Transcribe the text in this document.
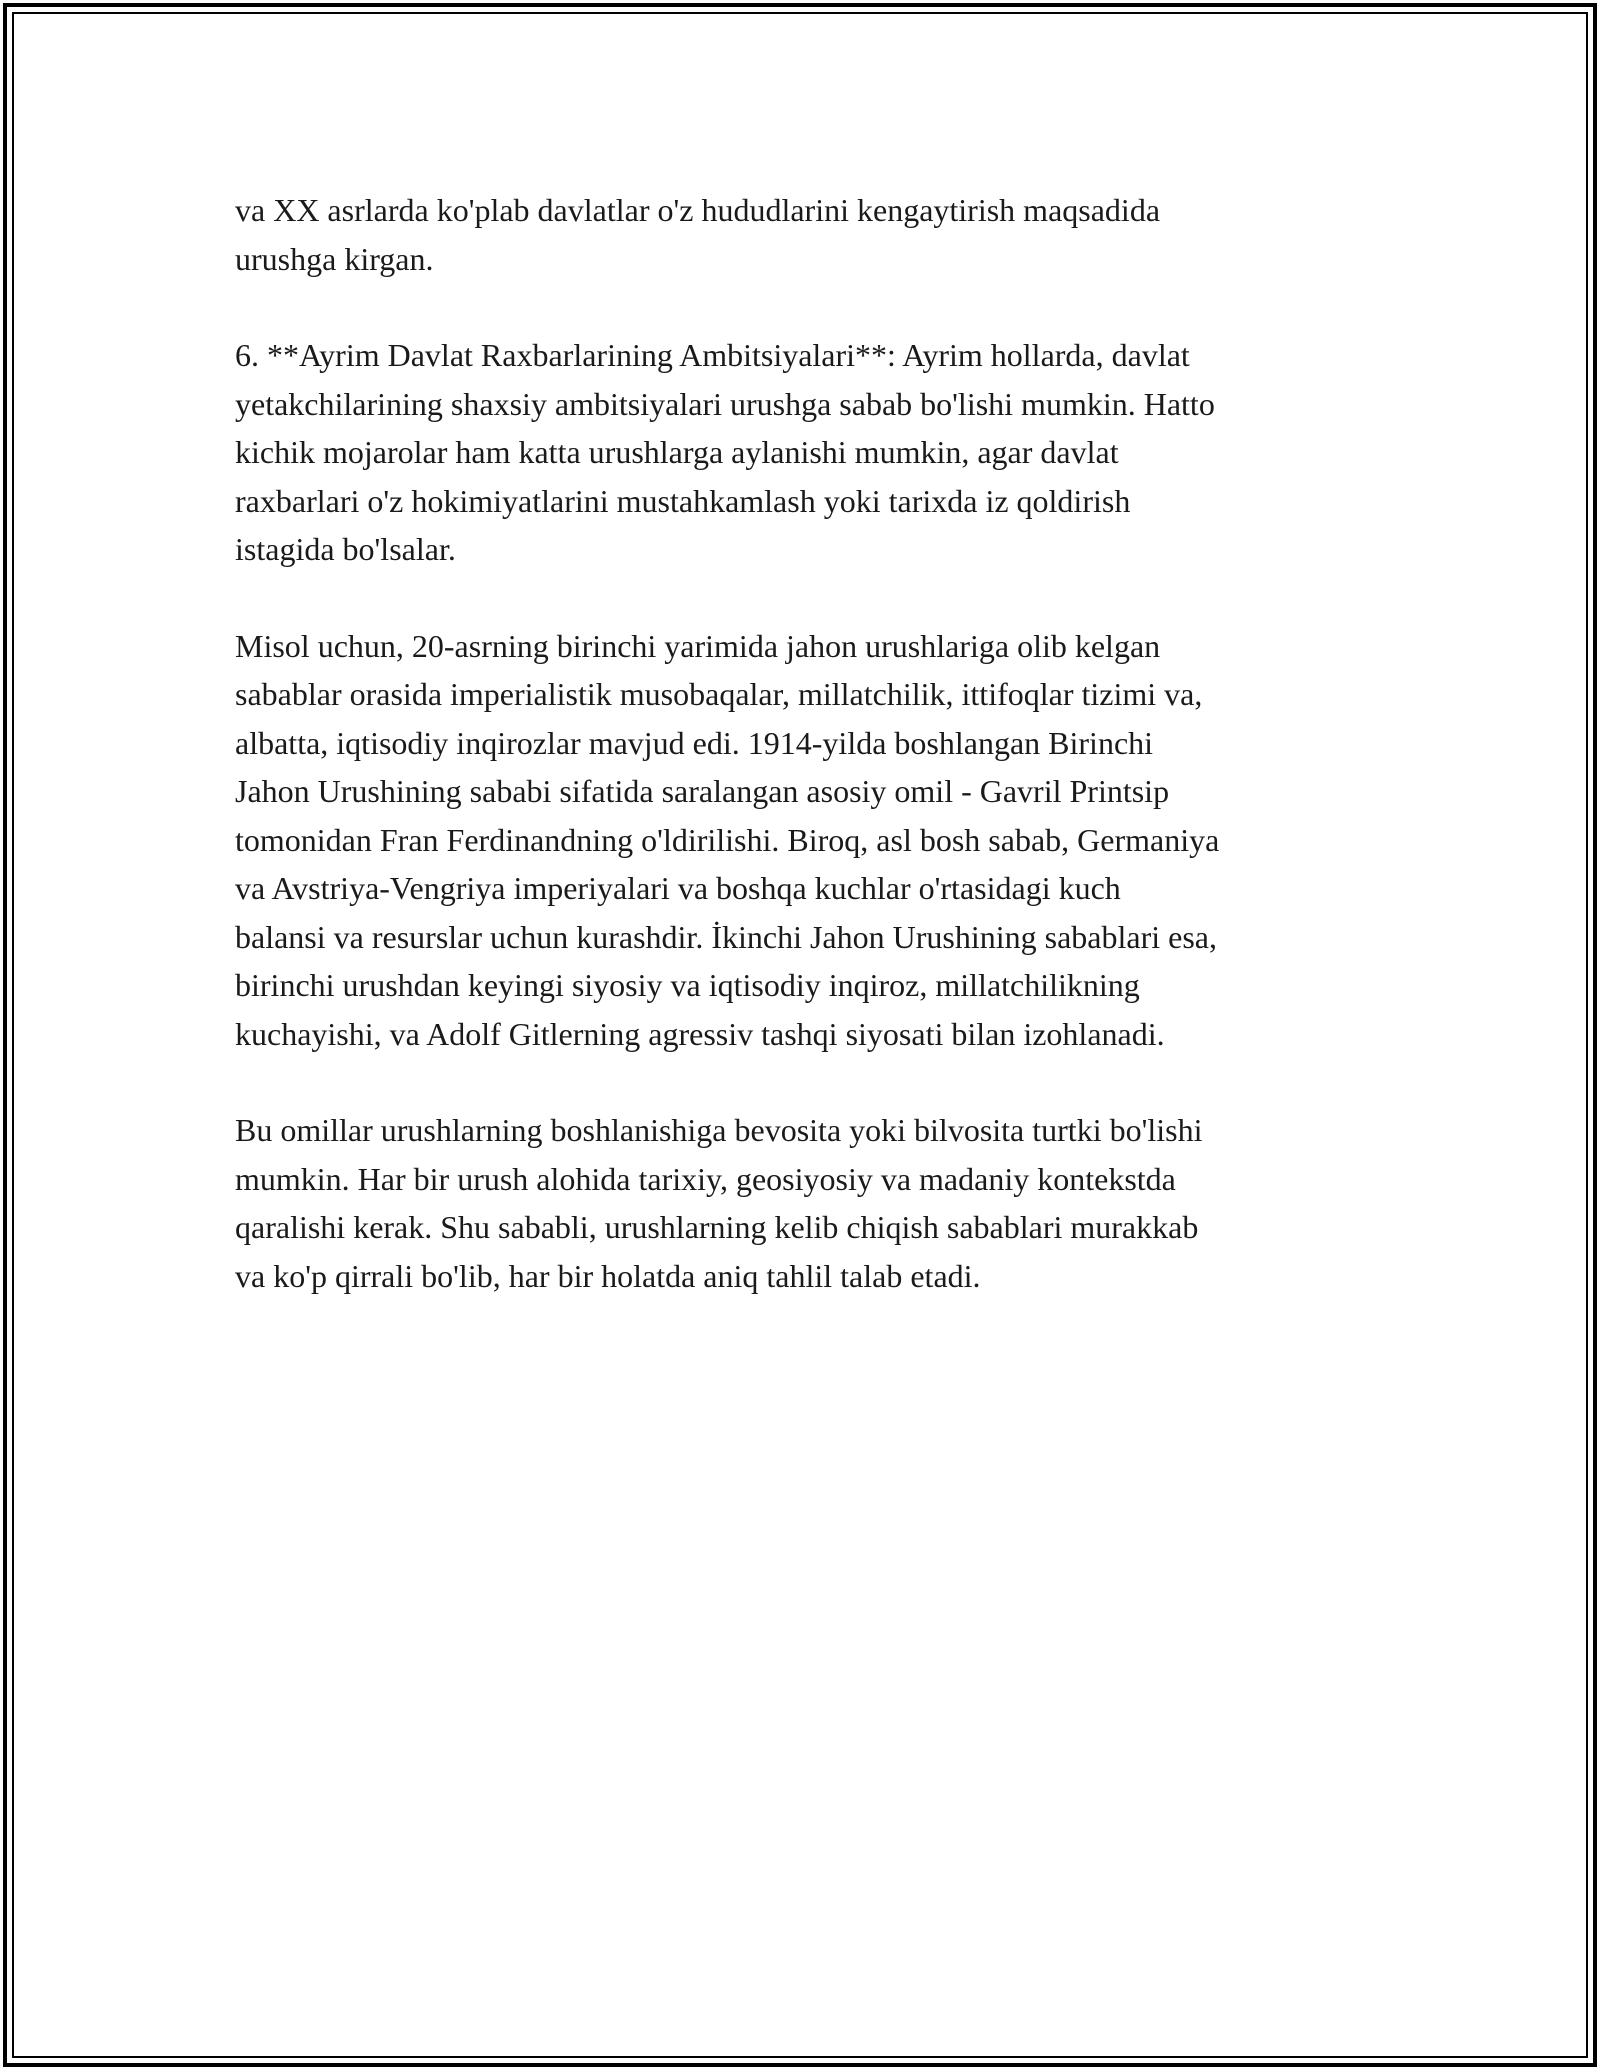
va XX asrlarda ko'plab davlatlar o'z hududlarini kengaytirish maqsadida
urushga kirgan.

6. **Ayrim Davlat Raxbarlarining Ambitsiyalari**: Ayrim hollarda, davlat
yetakchilarining shaxsiy ambitsiyalari urushga sabab bo'lishi mumkin. Hatto
kichik mojarolar ham katta urushlarga aylanishi mumkin, agar davlat
raxbarlari o'z hokimiyatlarini mustahkamlash yoki tarixda iz qoldirish
istagida bo'lsalar.

Misol uchun, 20-asrning birinchi yarimida jahon urushlariga olib kelgan
sabablar orasida imperialistik musobaqalar, millatchilik, ittifoqlar tizimi va,
albatta, iqtisodiy inqirozlar mavjud edi. 1914-yilda boshlangan Birinchi
Jahon Urushining sababi sifatida saralangan asosiy omil - Gavril Printsip
tomonidan Fran Ferdinandning o'ldirilishi. Biroq, asl bosh sabab, Germaniya
va Avstriya-Vengriya imperiyalari va boshqa kuchlar o'rtasidagi kuch
balansi va resurslar uchun kurashdir. İkinchi Jahon Urushining sabablari esa,
birinchi urushdan keyingi siyosiy va iqtisodiy inqiroz, millatchilikning
kuchayishi, va Adolf Gitlerning agressiv tashqi siyosati bilan izohlanadi.

Bu omillar urushlarning boshlanishiga bevosita yoki bilvosita turtki bo'lishi
mumkin. Har bir urush alohida tarixiy, geosiyosiy va madaniy kontekstda
qaralishi kerak. Shu sababli, urushlarning kelib chiqish sabablari murakkab
va ko'p qirrali bo'lib, har bir holatda aniq tahlil talab etadi.
